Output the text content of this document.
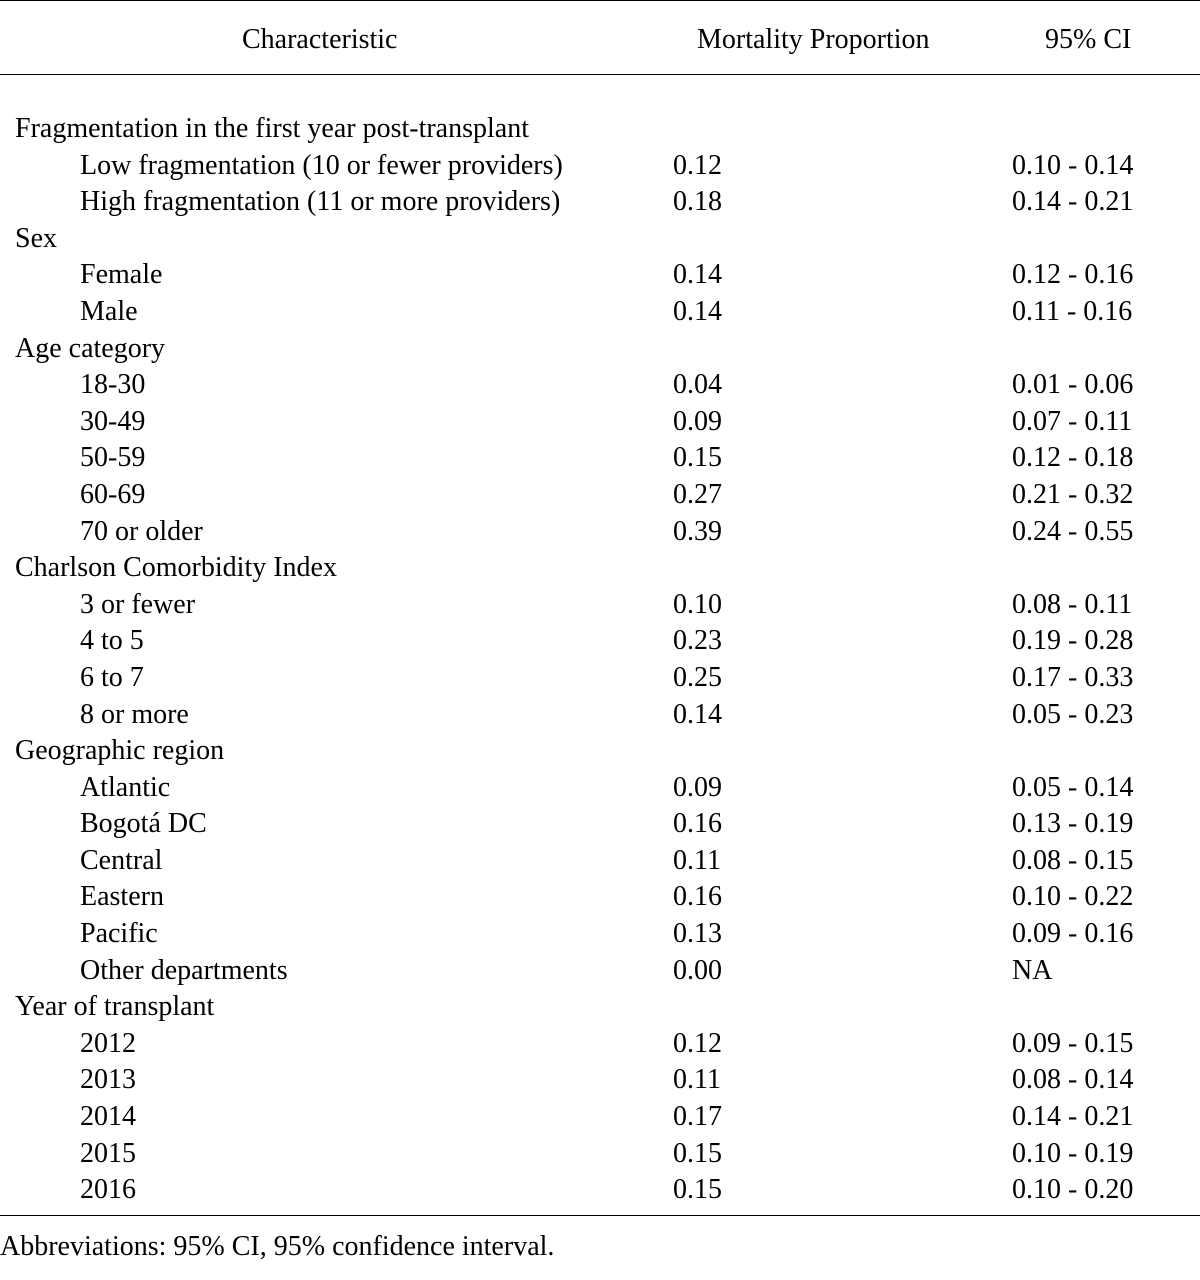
Characteristic	Mortality Proportion	95% CI
Fragmentation in the first year post-transplant
Low fragmentation (10 or fewer providers)	0.12	0.10 - 0.14
High fragmentation (11 or more providers)	0.18	0.14 - 0.21
Sex
Female	0.14	0.12 - 0.16
Male	0.14	0.11 - 0.16
Age category
18-30	0.04	0.01 - 0.06
30-49	0.09	0.07 - 0.11
50-59	0.15	0.12 - 0.18
60-69	0.27	0.21 - 0.32
70 or older	0.39	0.24 - 0.55
Charlson Comorbidity Index
3 or fewer	0.10	0.08 - 0.11
4 to 5	0.23	0.19 - 0.28
6 to 7	0.25	0.17 - 0.33
8 or more	0.14	0.05 - 0.23
Geographic region
Atlantic	0.09	0.05 - 0.14
Bogotá DC	0.16	0.13 - 0.19
Central	0.11	0.08 - 0.15
Eastern	0.16	0.10 - 0.22
Pacific	0.13	0.09 - 0.16
Other departments	0.00	NA
Year of transplant
2012	0.12	0.09 - 0.15
2013	0.11	0.08 - 0.14
2014	0.17	0.14 - 0.21
2015	0.15	0.10 - 0.19
2016	0.15	0.10 - 0.20
Abbreviations: 95% CI, 95% confidence interval.
